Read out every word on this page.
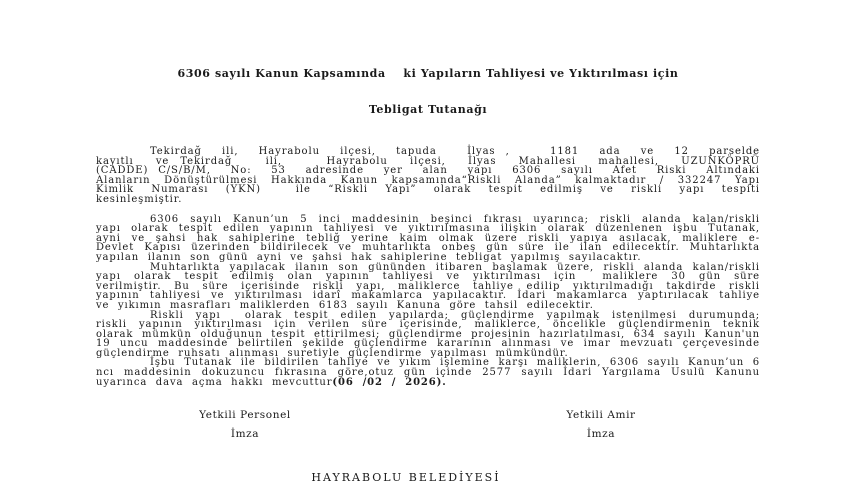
6306 sayılı Kanun Kapsamında    ki Yapıların Tahliyesi ve Yıktırılması için

Tebligat Tutanağı

Tekirdağ  ili,  Hayrabolu  ilçesi,  tapuda   İlyas ,    1181  ada  ve  12  parselde  kayıtlı  ve Tekirdağ   ili,    Hayrabolu  ilçesi,  İlyas  Mahallesi  mahallesi,  UZUNKÖPRÜ  (CADDE) C/S/B/M,  No:  53  adresinde  yer  alan  yapı  6306  sayılı  Afet  Riski  Altındaki  Alanların Dönüştürülmesi Hakkında Kanun kapsamında“Riskli Alanda” kalmaktadır / 332247 Yapı Kimlik  Numarası  (YKN)    ile  “Riskli  Yapı”  olarak  tespit  edilmiş  ve  riskli  yapı  tespiti kesinleşmiştir.

6306 sayılı Kanun’un 5 inci maddesinin beşinci fıkrası uyarınca; riskli alanda kalan/riskli yapı olarak tespit edilen yapının tahliyesi ve yıktırılmasına ilişkin olarak düzenlenen işbu Tutanak, ayni ve şahsi hak sahiplerine tebliğ yerine kaim olmak üzere riskli yapıya asılacak, maliklere e-Devlet Kapısı üzerinden bildirilecek ve muhtarlıkta onbeş gün süre ile ilan edilecektir. Muhtarlıkta yapılan ilanın son günü ayni ve şahsi hak sahiplerine tebligat yapılmış sayılacaktır.

Muhtarlıkta yapılacak ilanın son gününden itibaren başlamak üzere, riskli alanda kalan/riskli yapı olarak tespit edilmiş olan yapının tahliyesi ve yıktırılması için  maliklere 30 gün süre verilmiştir. Bu süre içerisinde riskli yapı, maliklerce tahliye edilip yıktırılmadığı takdirde riskli yapının tahliyesi ve yıktırılması idarî makamlarca yapılacaktır. İdari makamlarca yaptırılacak tahliye ve yıkımın masrafları maliklerden 6183 sayılı Kanuna göre tahsil edilecektir.

Riskli yapı  olarak tespit edilen yapılarda; güçlendirme yapılmak istenilmesi durumunda; riskli yapının yıktırılması için verilen süre içerisinde, maliklerce, öncelikle güçlendirmenin teknik olarak mümkün olduğunun tespit ettirilmesi; güçlendirme projesinin hazırlatılması, 634 sayılı Kanun'un 19 uncu maddesinde belirtilen şekilde güçlendirme kararının alınması ve imar mevzuatı çerçevesinde güçlendirme ruhsatı alınması suretiyle güçlendirme yapılması mümkündür.

İşbu Tutanak ile bildirilen tahliye ve yıkım işlemine karşı maliklerin, 6306 sayılı Kanun’un 6 ncı maddesinin dokuzuncu fıkrasına göre,otuz gün içinde 2577 sayılı İdari Yargılama Usulü Kanunu uyarınca dava açma hakkı mevcuttur(06 /02 / 2026).

Yetkili Personel
İmza
Yetkili Amir
İmza
HAYRABOLU BELEDİYESİ
